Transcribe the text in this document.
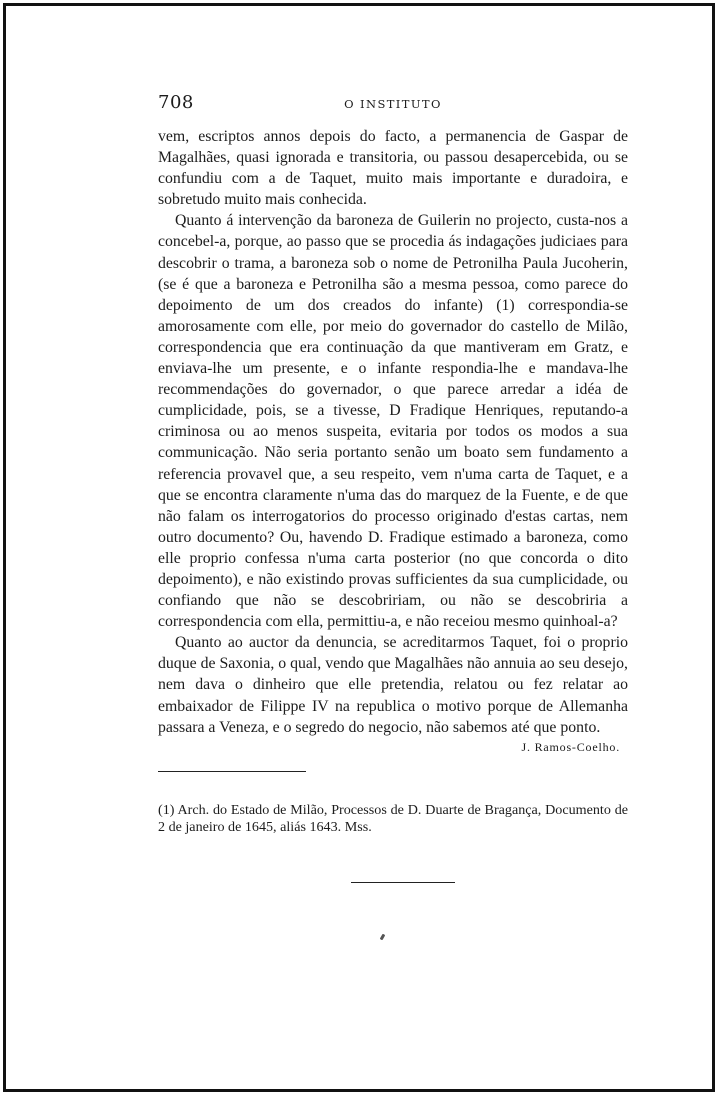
708	O INSTITUTO

vem, escriptos annos depois do facto, a permanencia de Gaspar de Magalhães, quasi ignorada e transitoria, ou passou desapercebida, ou se confundiu com a de Taquet, muito mais importante e duradoira, e sobretudo muito mais conhecida.

Quanto á intervenção da baroneza de Guilerin no projecto, custa-nos a concebel-a, porque, ao passo que se procedia ás indagações judiciaes para descobrir o trama, a baroneza sob o nome de Petronilha Paula Jucoherin, (se é que a baroneza e Petronilha são a mesma pessoa, como parece do depoimento de um dos creados do infante) (1) correspondia-se amorosamente com elle, por meio do governador do castello de Milão, correspondencia que era continuação da que mantiveram em Gratz, e enviava-lhe um presente, e o infante respondia-lhe e mandava-lhe recommendações do governador, o que parece arredar a idéa de cumplicidade, pois, se a tivesse, D Fradique Henriques, reputando-a criminosa ou ao menos suspeita, evitaria por todos os modos a sua communicação. Não seria portanto senão um boato sem fundamento a referencia provavel que, a seu respeito, vem n'uma carta de Taquet, e a que se encontra claramente n'uma das do marquez de la Fuente, e de que não falam os interrogatorios do processo originado d'estas cartas, nem outro documento? Ou, havendo D. Fradique estimado a baroneza, como elle proprio confessa n'uma carta posterior (no que concorda o dito depoimento), e não existindo provas sufficientes da sua cumplicidade, ou confiando que não se descobririam, ou não se descobriria a correspondencia com ella, permittiu-a, e não receiou mesmo quinhoal-a?

Quanto ao auctor da denuncia, se acreditarmos Taquet, foi o proprio duque de Saxonia, o qual, vendo que Magalhães não annuia ao seu desejo, nem dava o dinheiro que elle pretendia, relatou ou fez relatar ao embaixador de Filippe IV na republica o motivo porque de Allemanha passara a Veneza, e o segredo do negocio, não sabemos até que ponto.

J. Ramos-Coelho.

(1) Arch. do Estado de Milão, Processos de D. Duarte de Bragança, Documento de 2 de janeiro de 1645, aliás 1643. Mss.
